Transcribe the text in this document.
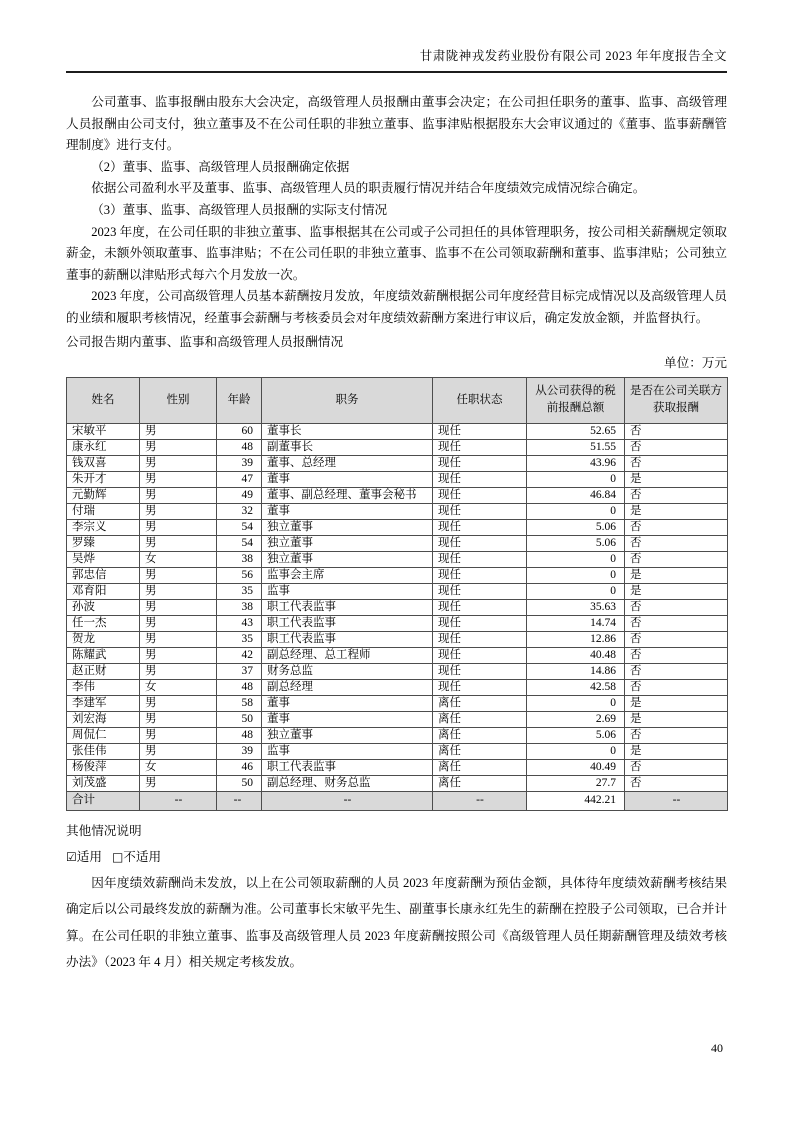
甘肃陇神戎发药业股份有限公司 2023 年年度报告全文

公司董事、监事报酬由股东大会决定，高级管理人员报酬由董事会决定；在公司担任职务的董事、监事、高级管理人员报酬由公司支付，独立董事及不在公司任职的非独立董事、监事津贴根据股东大会审议通过的《董事、监事薪酬管理制度》进行支付。

（2）董事、监事、高级管理人员报酬确定依据

依据公司盈利水平及董事、监事、高级管理人员的职责履行情况并结合年度绩效完成情况综合确定。

（3）董事、监事、高级管理人员报酬的实际支付情况

2023 年度，在公司任职的非独立董事、监事根据其在公司或子公司担任的具体管理职务，按公司相关薪酬规定领取薪金，未额外领取董事、监事津贴；不在公司任职的非独立董事、监事不在公司领取薪酬和董事、监事津贴；公司独立董事的薪酬以津贴形式每六个月发放一次。

2023 年度，公司高级管理人员基本薪酬按月发放，年度绩效薪酬根据公司年度经营目标完成情况以及高级管理人员的业绩和履职考核情况，经董事会薪酬与考核委员会对年度绩效薪酬方案进行审议后，确定发放金额，并监督执行。

公司报告期内董事、监事和高级管理人员报酬情况

单位：万元

姓名	性别	年龄	职务	任职状态	从公司获得的税前报酬总额	是否在公司关联方获取报酬
宋敏平	男	60	董事长	现任	52.65	否
康永红	男	48	副董事长	现任	51.55	否
钱双喜	男	39	董事、总经理	现任	43.96	否
朱开才	男	47	董事	现任	0	是
元勤辉	男	49	董事、副总经理、董事会秘书	现任	46.84	否
付瑞	男	32	董事	现任	0	是
李宗义	男	54	独立董事	现任	5.06	否
罗臻	男	54	独立董事	现任	5.06	否
吴烨	女	38	独立董事	现任	0	否
郭忠信	男	56	监事会主席	现任	0	是
邓育阳	男	35	监事	现任	0	是
孙波	男	38	职工代表监事	现任	35.63	否
任一杰	男	43	职工代表监事	现任	14.74	否
贺龙	男	35	职工代表监事	现任	12.86	否
陈耀武	男	42	副总经理、总工程师	现任	40.48	否
赵正财	男	37	财务总监	现任	14.86	否
李伟	女	48	副总经理	现任	42.58	否
李建军	男	58	董事	离任	0	是
刘宏海	男	50	董事	离任	2.69	是
周侃仁	男	48	独立董事	离任	5.06	否
张佳伟	男	39	监事	离任	0	是
杨俊萍	女	46	职工代表监事	离任	40.49	否
刘茂盛	男	50	副总经理、财务总监	离任	27.7	否
合计	--	--	--	--	442.21	--

其他情况说明

☑适用 □不适用

因年度绩效薪酬尚未发放，以上在公司领取薪酬的人员 2023 年度薪酬为预估金额，具体待年度绩效薪酬考核结果确定后以公司最终发放的薪酬为准。公司董事长宋敏平先生、副董事长康永红先生的薪酬在控股子公司领取，已合并计算。在公司任职的非独立董事、监事及高级管理人员 2023 年度薪酬按照公司《高级管理人员任期薪酬管理及绩效考核办法》（2023 年 4 月）相关规定考核发放。

40
